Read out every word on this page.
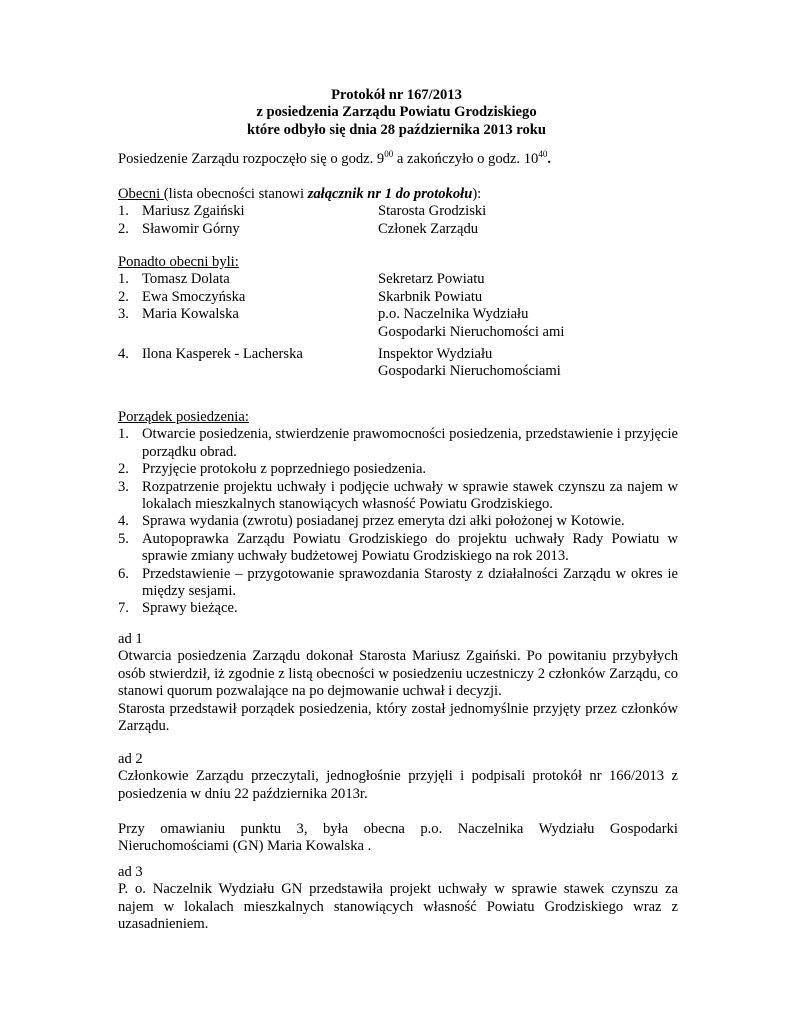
Protokół nr 167/2013
z posiedzenia Zarządu Powiatu Grodziskiego
które odbyło się dnia 28 października 2013 roku
Posiedzenie Zarządu rozpoczęło się o godz. $9^{00}$ a zakończyło o godz. $10^{40}$.
Obecni (lista obecności stanowi załącznik nr 1 do protokołu):
1. Mariusz Zgaiński	Starosta Grodziski
2. Sławomir Górny	Członek Zarządu
Ponadto obecni byli:
1. Tomasz Dolata	Sekretarz Powiatu
2. Ewa Smoczyńska	Skarbnik Powiatu
3. Maria Kowalska	p.o. Naczelnika Wydziału
Gospodarki Nieruchomości ami
4. Ilona Kasperek - Lacherska	Inspektor Wydziału
Gospodarki Nieruchomościami
Porządek posiedzenia:
1. Otwarcie posiedzenia, stwierdzenie prawomocności posiedzenia, przedstawienie i przyjęcie porządku obrad.
2. Przyjęcie protokołu z poprzedniego posiedzenia.
3. Rozpatrzenie projektu uchwały i podjęcie uchwały w sprawie stawek czynszu za najem w lokalach mieszkalnych stanowiących własność Powiatu Grodziskiego.
4. Sprawa wydania (zwrotu) posiadanej przez emeryta dzi ałki położonej w Kotowie.
5. Autopoprawka Zarządu Powiatu Grodziskiego do projektu uchwały Rady Powiatu w sprawie zmiany uchwały budżetowej Powiatu Grodziskiego na rok 2013.
6. Przedstawienie – przygotowanie sprawozdania Starosty z działalności Zarządu w okres ie między sesjami.
7. Sprawy bieżące.
ad 1
Otwarcia posiedzenia Zarządu dokonał Starosta Mariusz Zgaiński. Po powitaniu przybyłych osób stwierdził, iż zgodnie z listą obecności w posiedzeniu uczestniczy 2 członków Zarządu, co stanowi quorum pozwalające na po dejmowanie uchwał i decyzji.
Starosta przedstawił porządek posiedzenia, który został jednomyślnie przyjęty przez członków Zarządu.
ad 2
Członkowie Zarządu przeczytali, jednogłośnie przyjęli i podpisali protokół nr 166/2013 z posiedzenia w dniu 22 października 2013r.
Przy omawianiu punktu 3, była obecna p.o. Naczelnika Wydziału Gospodarki Nieruchomościami (GN) Maria Kowalska .
ad 3
P. o. Naczelnik Wydziału GN przedstawiła projekt uchwały w sprawie stawek czynszu za najem w lokalach mieszkalnych stanowiących własność Powiatu Grodziskiego wraz z uzasadnieniem.
